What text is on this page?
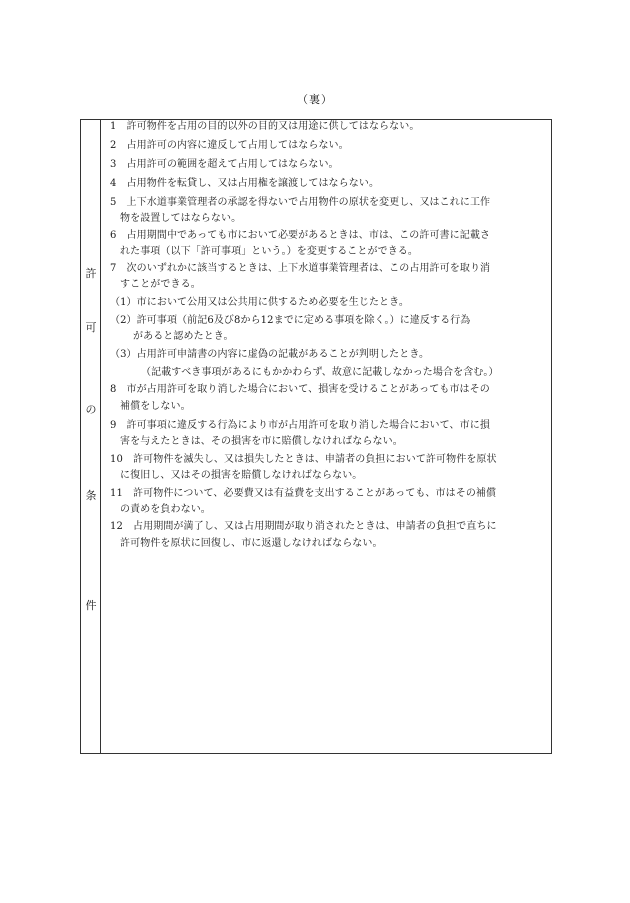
（裏）
許
可
の
条
件
1　許可物件を占用の目的以外の目的又は用途に供してはならない。
2　占用許可の内容に違反して占用してはならない。
3　占用許可の範囲を超えて占用してはならない。
4　占用物件を転貸し、又は占用権を譲渡してはならない。
5　上下水道事業管理者の承認を得ないで占用物件の原状を変更し、又はこれに工作
物を設置してはならない。
6　占用期間中であっても市において必要があるときは、市は、この許可書に記載さ
れた事項（以下「許可事項」という。）を変更することができる。
7　次のいずれかに該当するときは、上下水道事業管理者は、この占用許可を取り消
すことができる。
（1）市において公用又は公共用に供するため必要を生じたとき。
（2）許可事項（前記6及び8から12までに定める事項を除く。）に違反する行為
があると認めたとき。
（3）占用許可申請書の内容に虚偽の記載があることが判明したとき。
（記載すべき事項があるにもかかわらず、故意に記載しなかった場合を含む。）
8　市が占用許可を取り消した場合において、損害を受けることがあっても市はその
補償をしない。
9　許可事項に違反する行為により市が占用許可を取り消した場合において、市に損
害を与えたときは、その損害を市に賠償しなければならない。
10　許可物件を滅失し、又は損失したときは、申請者の負担において許可物件を原状
に復旧し、又はその損害を賠償しなければならない。
11　許可物件について、必要費又は有益費を支出することがあっても、市はその補償
の責めを負わない。
12　占用期間が満了し、又は占用期間が取り消されたときは、申請者の負担で直ちに
許可物件を原状に回復し、市に返還しなければならない。
